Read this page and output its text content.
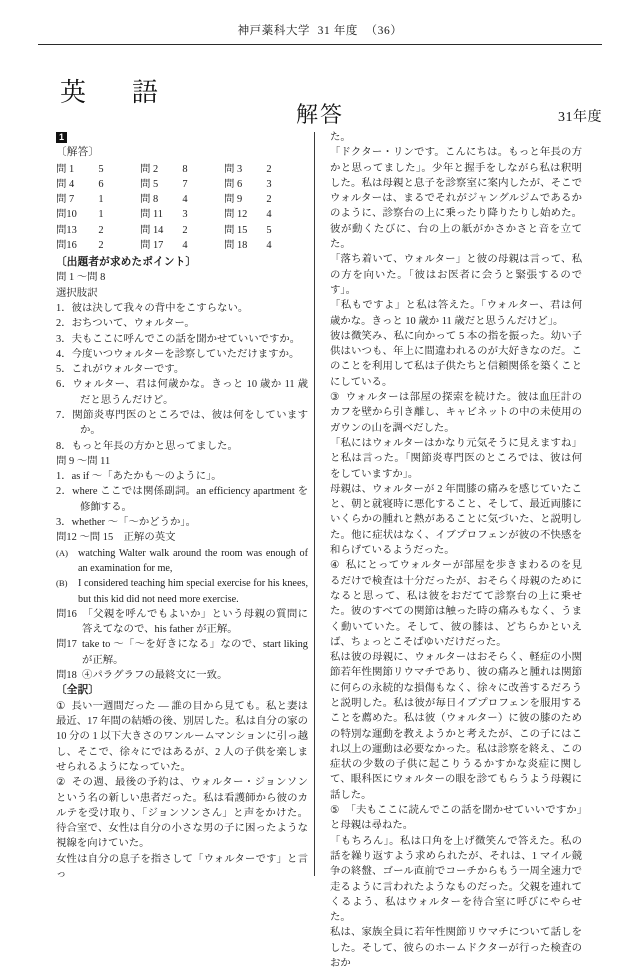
神戸薬科大学 31 年度 （36）
英　語
解答	31年度
1
〔解答〕
問 1	5		問 2	8		問 3	2
問 4	6		問 5	7		問 6	3
問 7	1		問 8	4		問 9	2
問10	1		問 11	3		問 12	4
問13	2		問 14	2		問 15	5
問16	2		問 17	4		問 18	4
〔出題者が求めたポイント〕
問 1 ～問 8
選択肢訳
1．彼は決して我々の背中をこすらない。
2．おちついて、ウォルター。
3．夫もここに呼んでこの話を聞かせていいですか。
4．今度いつウォルターを診察していただけますか。
5．これがウォルターです。
6．ウォルター、君は何歳かな。きっと 10 歳か 11 歳だと思うんだけど。
7．関節炎専門医のところでは、彼は何をしていますか。
8．もっと年長の方かと思ってました。
問 9 ～問 11
1．as if ～「あたかも～のように」。
2．where ここでは関係副詞。an efficiency apartment を修飾する。
3．whether ～「～かどうか」。
問12 ～問 15　正解の英文
(A) watching Walter walk around the room was enough of an examination for me,
(B) I considered teaching him special exercise for his knees, but this kid did not need more exercise.
問16 「父親を呼んでもよいか」という母親の質問に答えてなので、his father が正解。
問17 take to ～「～を好きになる」なので、start liking が正解。
問18 ④パラグラフの最終文に一致。
〔全訳〕
① 長い一週間だった ― 誰の目から見ても。私と妻は最近、17 年間の結婚の後、別居した。私は自分の家の 10 分の 1 以下大きさのワンルームマンションに引っ越し、そこで、徐々にではあるが、2 人の子供を楽しませられるようになっていた。
② その週、最後の予約は、ウォルター・ジョンソンという名の新しい患者だった。私は看護師から彼のカルテを受け取り、「ジョンソンさん」と声をかけた。待合室で、女性は自分の小さな男の子に困ったような視線を向けていた。
女性は自分の息子を指さして「ウォルターです」と言っ
た。
「ドクター・リンです。こんにちは。もっと年長の方かと思ってました」。少年と握手をしながら私は釈明した。私は母親と息子を診察室に案内したが、そこでウォルターは、まるでそれがジャングルジムであるかのように、診察台の上に乗ったり降りたりし始めた。彼が動くたびに、台の上の紙がかさかさと音を立てた。
「落ち着いて、ウォルター」と彼の母親は言って、私の方を向いた。「彼はお医者に会うと緊張するのです」。
「私もですよ」と私は答えた。「ウォルター、君は何歳かな。きっと 10 歳か 11 歳だと思うんだけど」。
彼は微笑み、私に向かって 5 本の指を振った。幼い子供はいつも、年上に間違われるのが大好きなのだ。このことを利用して私は子供たちと信頼関係を築くことにしている。
③ ウォルターは部屋の探索を続けた。彼は血圧計のカフを壁から引き離し、キャビネットの中の未使用のガウンの山を調べだした。
「私にはウォルターはかなり元気そうに見えますね」と私は言った。「関節炎専門医のところでは、彼は何をしていますか」。
母親は、ウォルターが 2 年間膝の痛みを感じていたこと、朝と就寝時に悪化すること、そして、最近両膝にいくらかの腫れと熱があることに気づいた、と説明した。他に症状はなく、イブプロフェンが彼の不快感を和らげているようだった。
④ 私にとってウォルターが部屋を歩きまわるのを見るだけで検査は十分だったが、おそらく母親のためになると思って、私は彼をおだてて診察台の上に乗せた。彼のすべての関節は触った時の痛みもなく、うまく動いていた。そして、彼の膝は、どちらかといえば、ちょっとこそばゆいだけだった。
私は彼の母親に、ウォルターはおそらく、軽症の小関節若年性関節リウマチであり、彼の痛みと腫れは関節に何らの永続的な損傷もなく、徐々に改善するだろうと説明した。私は彼が毎日イブプロフェンを服用することを薦めた。私は彼（ウォルター）に彼の膝のための特別な運動を教えようかと考えたが、この子にはこれ以上の運動は必要なかった。私は診察を終え、この症状の少数の子供に起こりうるかすかな炎症に関して、眼科医にウォルターの眼を診てもらうよう母親に話した。
⑤ 「夫もここに読んでこの話を聞かせていいですか」と母親は尋ねた。
「もちろん」。私は口角を上げ微笑んで答えた。私の話を繰り返すよう求められたが、それは、1 マイル競争の終盤、ゴール直前でコーチからもう一周全速力で走るように言われたようなものだった。父親を連れてくるよう、私はウォルターを待合室に呼びにやらせた。
私は、家族全員に若年性関節リウマチについて話しをした。そして、彼らのホームドクターが行った検査のおか
